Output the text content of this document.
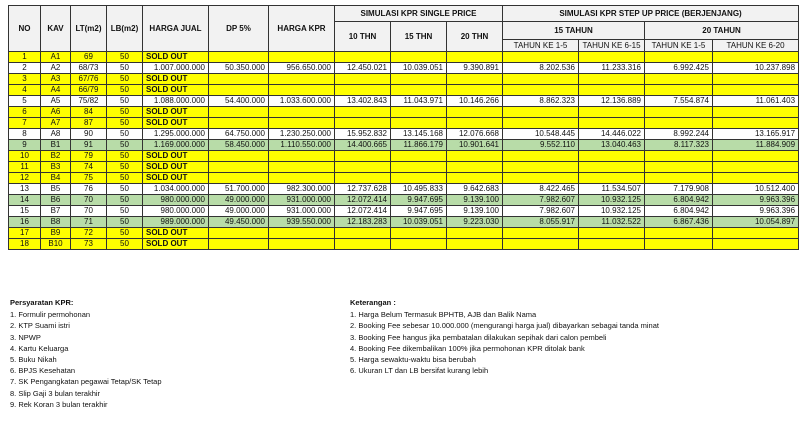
NO	KAV	LT(m2)	LB(m2)	HARGA JUAL	DP 5%	HARGA KPR	SIMULASI KPR SINGLE PRICE			SIMULASI KPR STEP UP PRICE (BERJENJANG)			
							10 THN	15 THN	20 THN	15 TAHUN		20 TAHUN	
										TAHUN KE 1-5	TAHUN KE 6-15	TAHUN KE 1-5	TAHUN KE 6-20
1	A1	69	50	SOLD OUT									
2	A2	68/73	50	1.007.000.000	50.350.000	956.650.000	12.450.021	10.039.051	9.390.891	8.202.536	11.233.316	6.992.425	10.237.898
3	A3	67/76	50	SOLD OUT									
4	A4	66/79	50	SOLD OUT									
5	A5	75/82	50	1.088.000.000	54.400.000	1.033.600.000	13.402.843	11.043.971	10.146.266	8.862.323	12.136.889	7.554.874	11.061.403
6	A6	84	50	SOLD OUT									
7	A7	87	50	SOLD OUT									
8	A8	90	50	1.295.000.000	64.750.000	1.230.250.000	15.952.832	13.145.168	12.076.668	10.548.445	14.446.022	8.992.244	13.165.917
9	B1	91	50	1.169.000.000	58.450.000	1.110.550.000	14.400.665	11.866.179	10.901.641	9.552.110	13.040.463	8.117.323	11.884.909
10	B2	79	50	SOLD OUT									
11	B3	74	50	SOLD OUT									
12	B4	75	50	SOLD OUT									
13	B5	76	50	1.034.000.000	51.700.000	982.300.000	12.737.628	10.495.833	9.642.683	8.422.465	11.534.507	7.179.908	10.512.400
14	B6	70	50	980.000.000	49.000.000	931.000.000	12.072.414	9.947.695	9.139.100	7.982.607	10.932.125	6.804.942	9.963.396
15	B7	70	50	980.000.000	49.000.000	931.000.000	12.072.414	9.947.695	9.139.100	7.982.607	10.932.125	6.804.942	9.963.396
16	B8	71	50	989.000.000	49.450.000	939.550.000	12.183.283	10.039.051	9.223.030	8.055.917	11.032.522	6.867.436	10.054.897
17	B9	72	50	SOLD OUT									
18	B10	73	50	SOLD OUT									
Persyaratan KPR:
1. Formulir permohonan
2. KTP Suami istri
3. NPWP
4. Kartu Keluarga
5. Buku Nikah
6. BPJS Kesehatan
7. SK Pengangkatan pegawai Tetap/SK Tetap
8. Slip Gaji 3 bulan terakhir
9. Rek Koran 3 bulan terakhir
Keterangan :
1. Harga Belum Termasuk BPHTB, AJB dan Balik Nama
2. Booking Fee sebesar 10.000.000 (mengurangi harga jual) dibayarkan sebagai tanda minat
3. Booking Fee hangus jika pembatalan dilakukan sepihak dari calon pembeli
4. Booking Fee dikembalikan 100% jika permohonan KPR ditolak bank
5. Harga sewaktu-waktu bisa berubah
6. Ukuran LT dan LB bersifat kurang lebih
